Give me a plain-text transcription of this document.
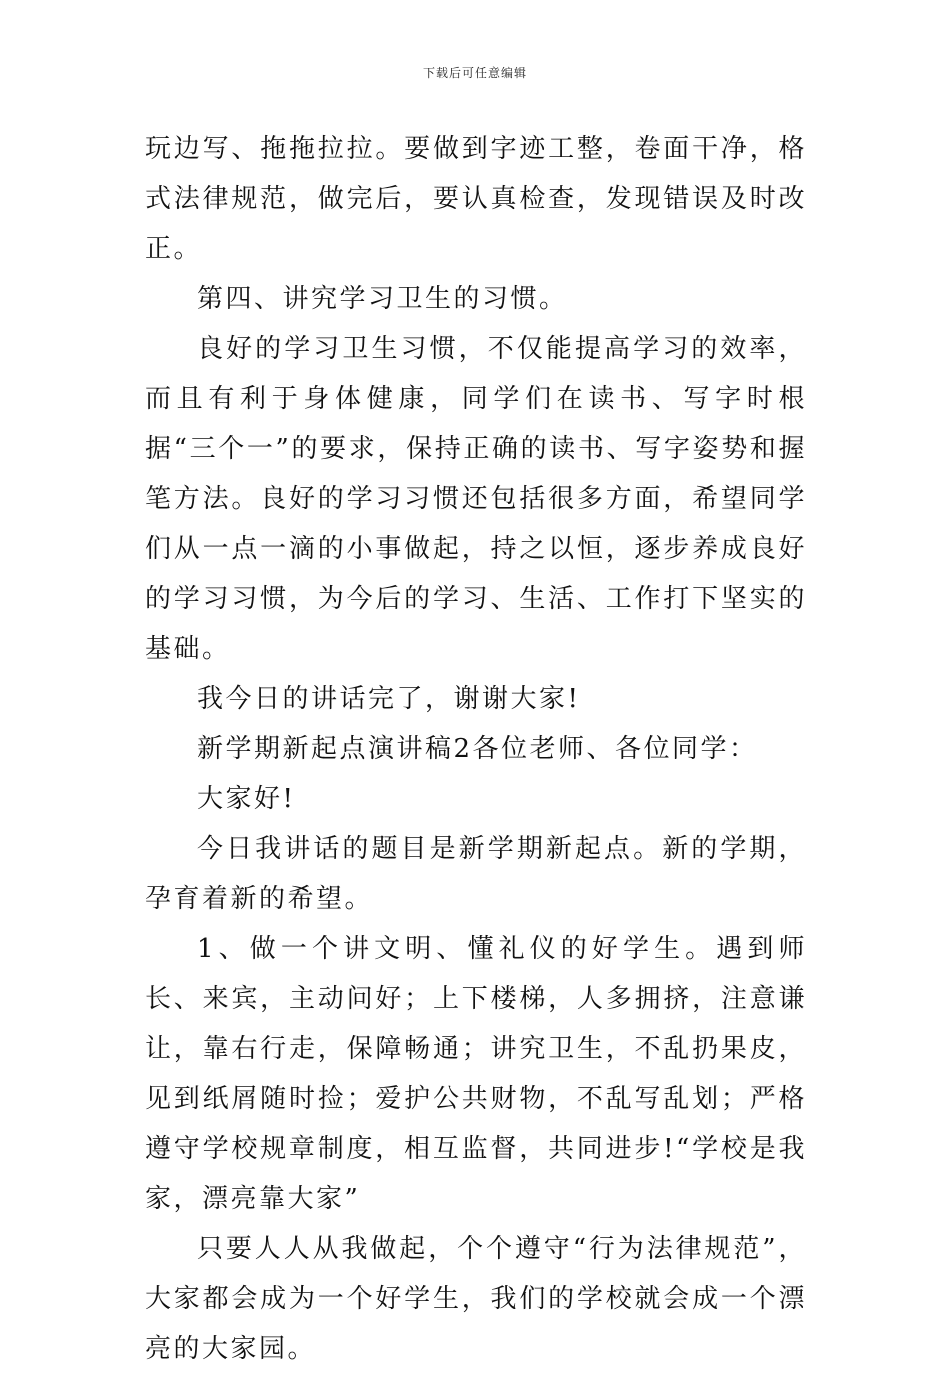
下载后可任意编辑

玩边写、拖拖拉拉。要做到字迹工整，卷面干净，格式法律规范，做完后，要认真检查，发现错误及时改正。

第四、讲究学习卫生的习惯。

良好的学习卫生习惯，不仅能提高学习的效率，而且有利于身体健康，同学们在读书、写字时根据“三个一”的要求，保持正确的读书、写字姿势和握笔方法。良好的学习习惯还包括很多方面，希望同学们从一点一滴的小事做起，持之以恒，逐步养成良好的学习习惯，为今后的学习、生活、工作打下坚实的基础。

我今日的讲话完了，谢谢大家!

新学期新起点演讲稿2各位老师、各位同学：

大家好!

今日我讲话的题目是新学期新起点。新的学期，孕育着新的希望。

1、做一个讲文明、懂礼仪的好学生。遇到师长、来宾，主动问好；上下楼梯，人多拥挤，注意谦让，靠右行走，保障畅通；讲究卫生，不乱扔果皮，见到纸屑随时捡；爱护公共财物，不乱写乱划；严格遵守学校规章制度，相互监督，共同进步!“学校是我家，漂亮靠大家”

只要人人从我做起，个个遵守“行为法律规范”，大家都会成为一个好学生，我们的学校就会成一个漂亮的大家园。
